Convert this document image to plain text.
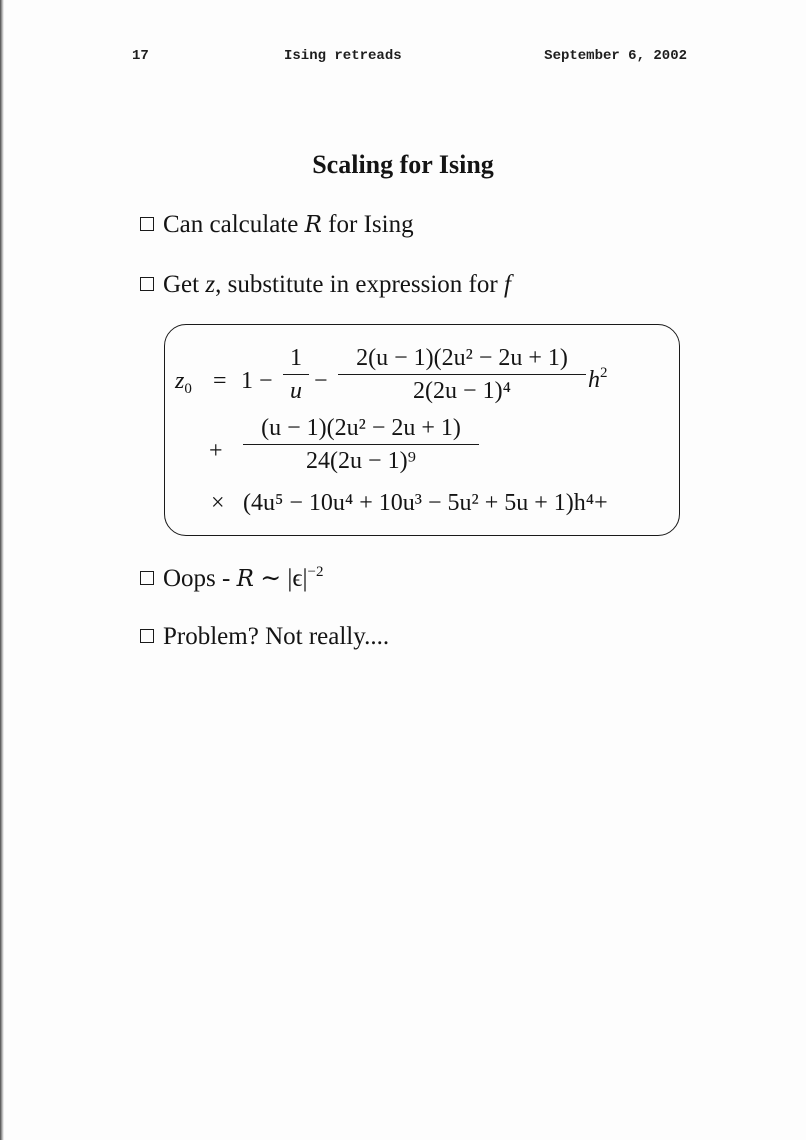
17	Ising retreads	September 6, 2002
Scaling for Ising
Can calculate R for Ising
Get z, substitute in expression for f
$z_0 = 1$ −
1
u −
2(u − 1)(2u² − 2u + 1)
2(2u − 1)⁴	$h^2$
+
(u − 1)(2u² − 2u + 1)
24(2u − 1)⁹
× (4u⁵ − 10u⁴ + 10u³ − 5u² + 5u + 1)h⁴+
Oops - R ∼ $|\epsilon|^{-2}$
Problem? Not really....
